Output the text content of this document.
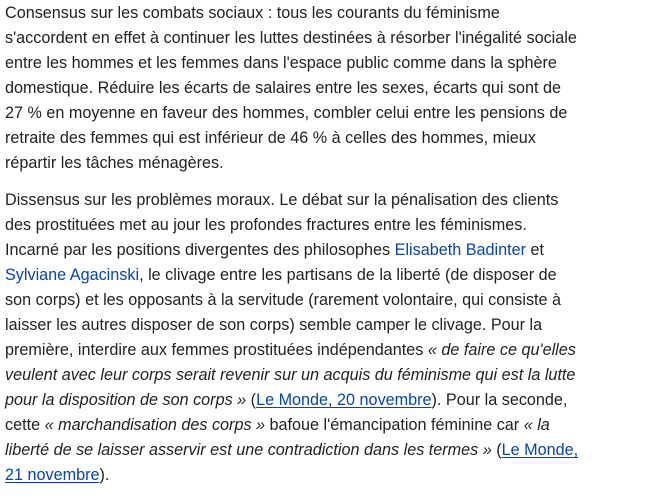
Consensus sur les combats sociaux : tous les courants du féminisme
s'accordent en effet à continuer les luttes destinées à résorber l'inégalité sociale
entre les hommes et les femmes dans l'espace public comme dans la sphère
domestique. Réduire les écarts de salaires entre les sexes, écarts qui sont de
27 % en moyenne en faveur des hommes, combler celui entre les pensions de
retraite des femmes qui est inférieur de 46 % à celles des hommes, mieux
répartir les tâches ménagères.

Dissensus sur les problèmes moraux. Le débat sur la pénalisation des clients
des prostituées met au jour les profondes fractures entre les féminismes.
Incarné par les positions divergentes des philosophes Elisabeth Badinter et
Sylviane Agacinski, le clivage entre les partisans de la liberté (de disposer de
son corps) et les opposants à la servitude (rarement volontaire, qui consiste à
laisser les autres disposer de son corps) semble camper le clivage. Pour la
première, interdire aux femmes prostituées indépendantes « de faire ce qu'elles
veulent avec leur corps serait revenir sur un acquis du féminisme qui est la lutte
pour la disposition de son corps » (Le Monde, 20 novembre). Pour la seconde,
cette « marchandisation des corps » bafoue l'émancipation féminine car « la
liberté de se laisser asservir est une contradiction dans les termes » (Le Monde,
21 novembre).
